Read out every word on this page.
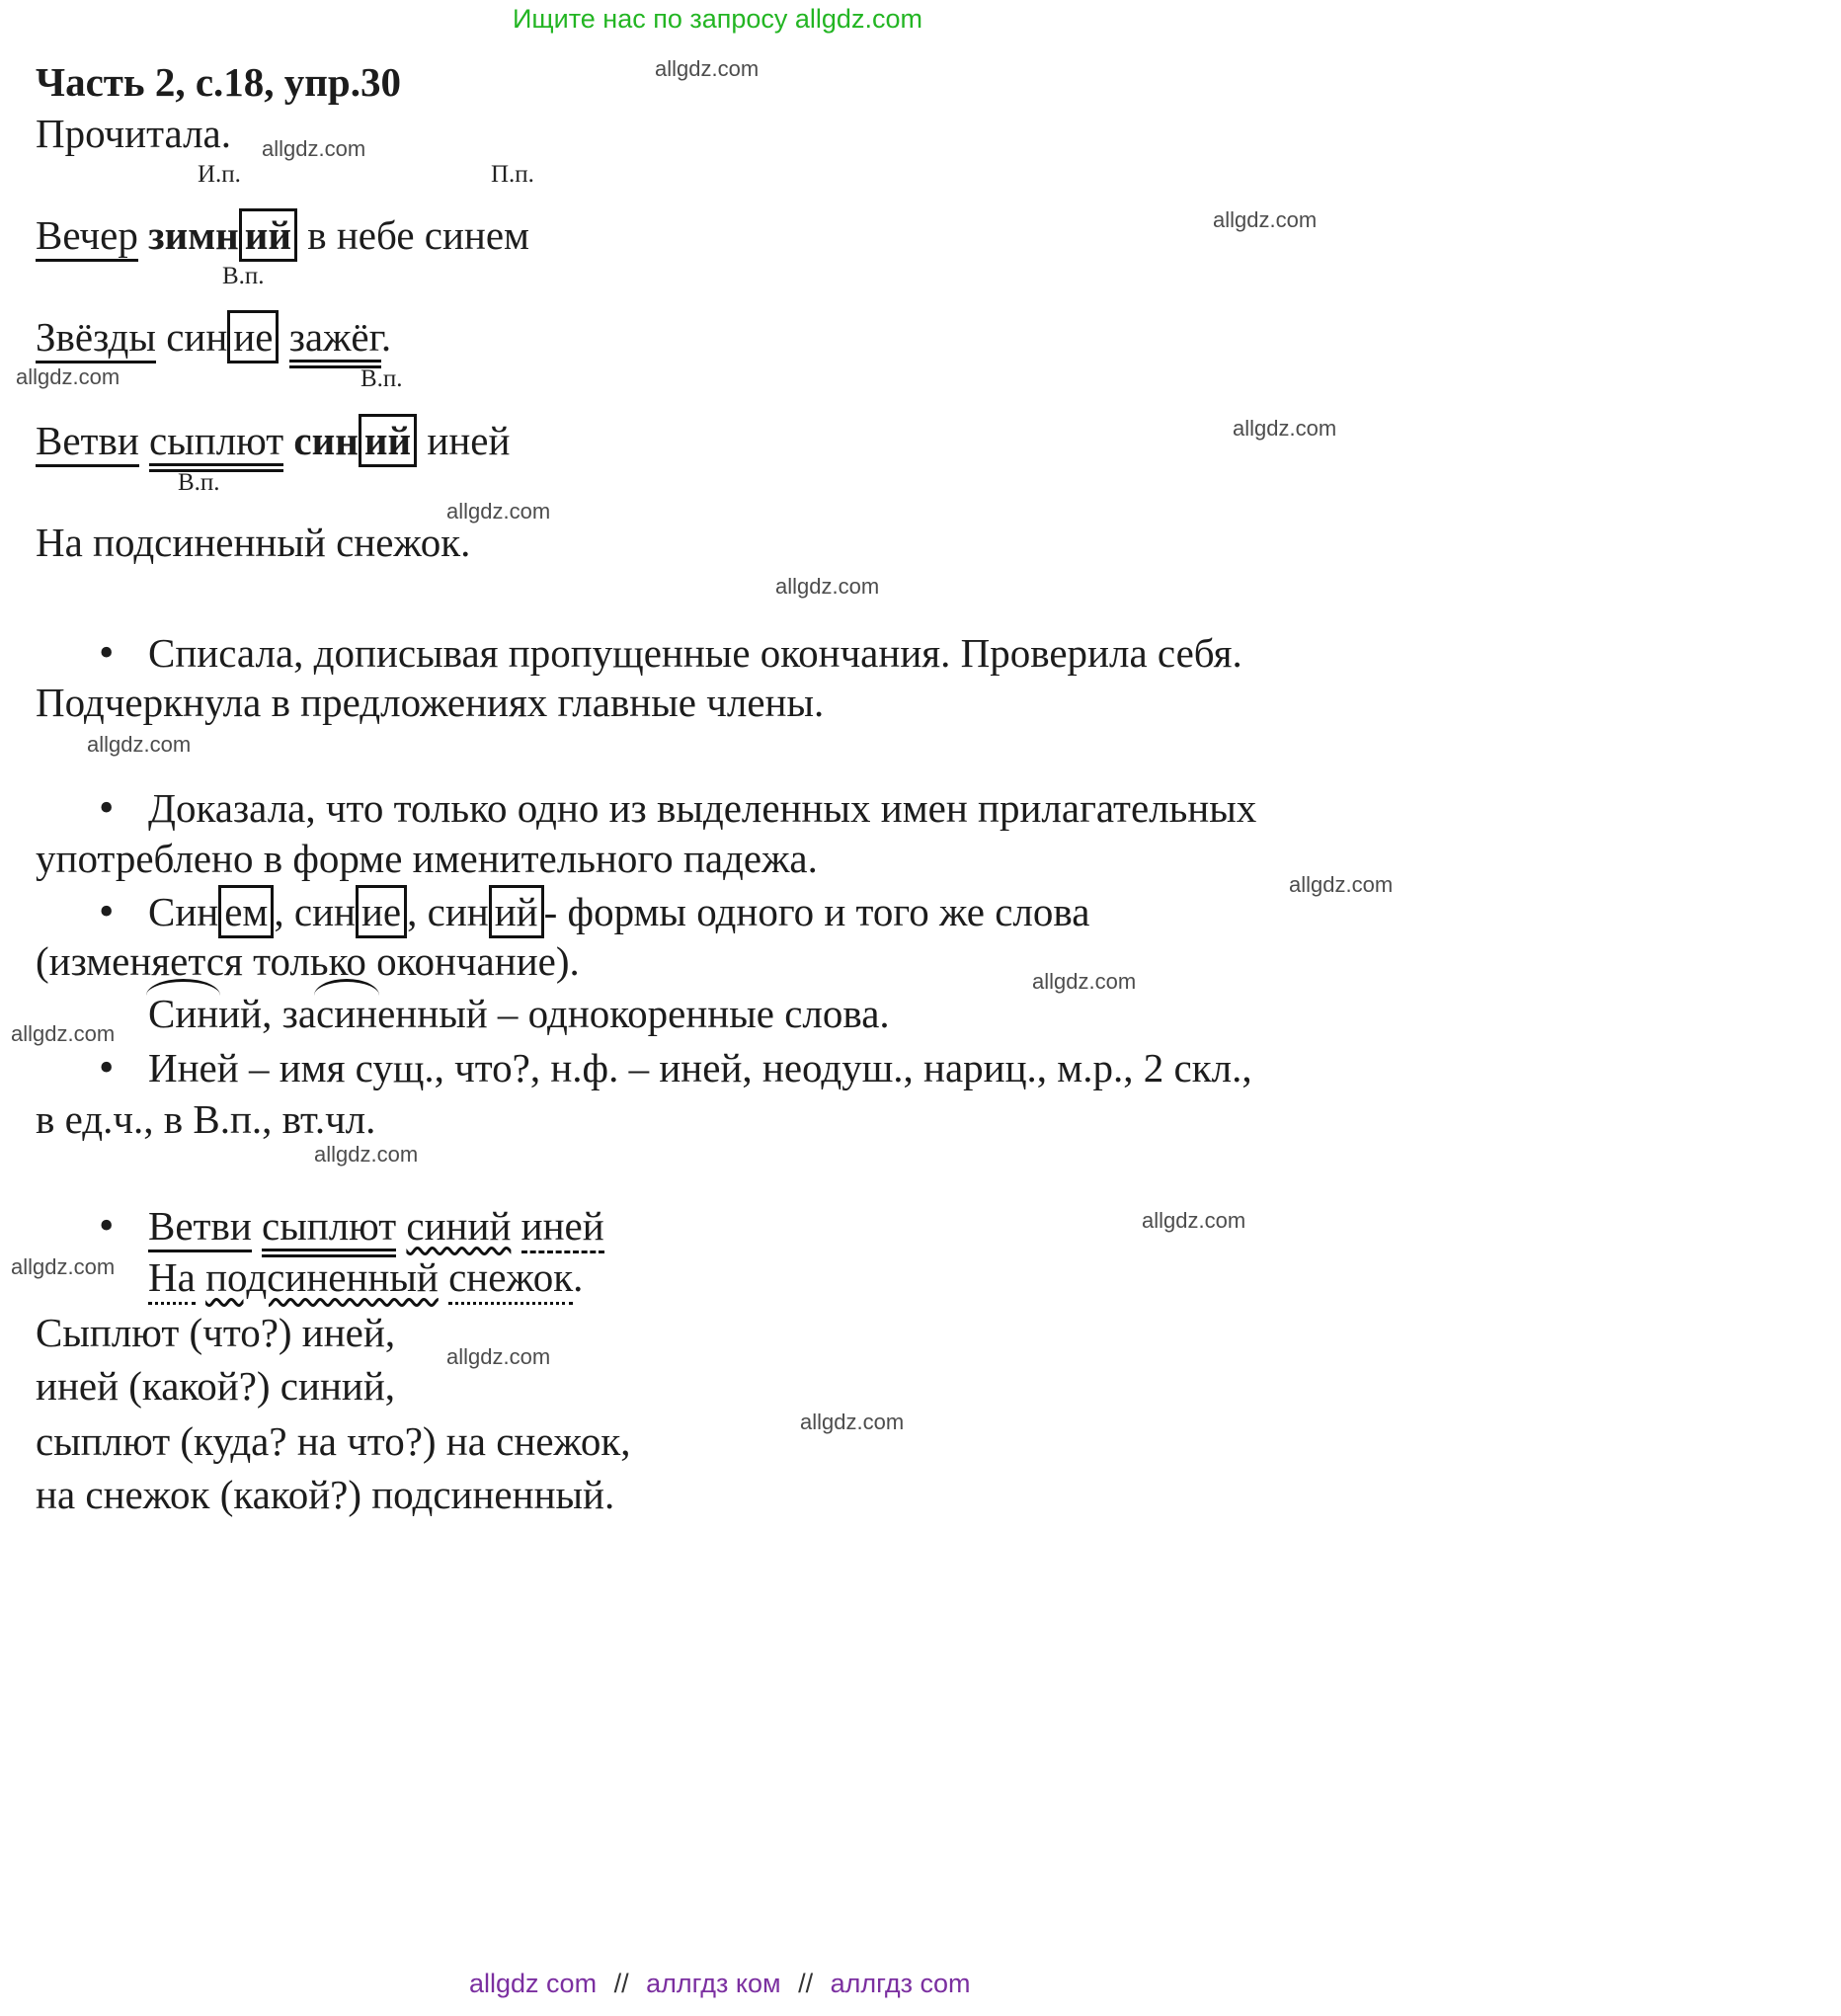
Ищите нас по запросу allgdz.com
allgdz.com
allgdz.com
allgdz.com
allgdz.com
allgdz.com
allgdz.com
allgdz.com
allgdz.com
allgdz.com
allgdz.com
allgdz.com
allgdz.com
allgdz.com
allgdz.com
allgdz.com
allgdz.com
Часть 2, с.18, упр.30
Прочитала.
И.п.	П.п.
В.п.
В.п.
В.п.
Вечер зимн ий в небе синем
Звёзды син ие зажёг.
Ветви сыплют син ий иней
На подсиненный снежок.
• Списала, дописывая пропущенные окончания. Проверила себя.
Подчеркнула в предложениях главные члены.
• Доказала, что только одно из выделенных имен прилагательных
употреблено в форме именительного падежа.
• Син ем , син ие , син ий - формы одного и того же слова
(изменяется только окончание).
Синий, засиненный – однокоренные слова.
• Иней – имя сущ., что?, н.ф. – иней, неодуш., нариц., м.р., 2 скл.,
в ед.ч., в В.п., вт.чл.
• Ветви сыплют синий иней
На подсиненный снежок.
Сыплют (что?) иней,
иней (какой?) синий,
сыплют (куда? на что?) на снежок,
на снежок (какой?) подсиненный.
allgdz com // аллгдз ком // аллгдз com
